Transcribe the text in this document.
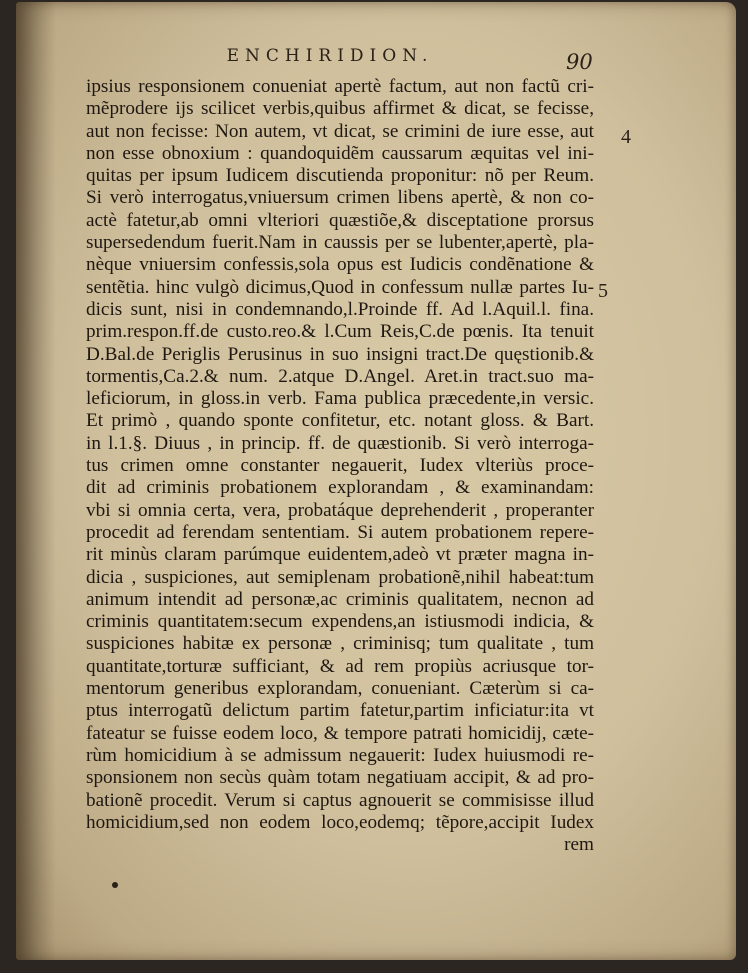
ENCHIRIDION.	90
4
5
ipsius responsionem conueniat apertè factum, aut non factũ cri-
mẽprodere ijs scilicet verbis,quibus affirmet & dicat, se fecisse,
aut non fecisse: Non autem, vt dicat, se crimini de iure esse, aut
non esse obnoxium : quandoquidẽm caussarum æquitas vel ini-
quitas per ipsum Iudicem discutienda proponitur: nõ per Reum.
Si verò interrogatus,vniuersum crimen libens apertè, & non co-
actè fatetur,ab omni vlteriori quæstiõe,& disceptatione prorsus
supersedendum fuerit.Nam in caussis per se lubenter,apertè, pla-
nèque vniuersim confessis,sola opus est Iudicis condẽnatione &
sentẽtia. hinc vulgò dicimus,Quod in confessum nullæ partes Iu-
dicis sunt, nisi in condemnando,l.Proinde ff. Ad l.Aquil.l. fina.
prim.respon.ff.de custo.reo.& l.Cum Reis,C.de pœnis. Ita tenuit
D.Bal.de Periglis Perusinus in suo insigni tract.De quęstionib.&
tormentis,Ca.2.& num. 2.atque D.Angel. Aret.in tract.suo ma-
leficiorum, in gloss.in verb. Fama publica præcedente,in versic.
Et primò , quando sponte confitetur, etc. notant gloss. & Bart.
in l.1.§. Diuus , in princip. ff. de quæstionib. Si verò interroga-
tus crimen omne constanter negauerit, Iudex vlteriùs proce-
dit ad criminis probationem explorandam , & examinandam:
vbi si omnia certa, vera, probatáque deprehenderit , properanter
procedit ad ferendam sententiam. Si autem probationem repere-
rit minùs claram parúmque euidentem,adeò vt præter magna in-
dicia , suspiciones, aut semiplenam probationẽ,nihil habeat:tum
animum intendit ad personæ,ac criminis qualitatem, necnon ad
criminis quantitatem:secum expendens,an istiusmodi indicia, &
suspiciones habitæ ex personæ , criminisq; tum qualitate , tum
quantitate,torturæ sufficiant, & ad rem propiùs acriusque tor-
mentorum generibus explorandam, conueniant. Cæterùm si ca-
ptus interrogatũ delictum partim fatetur,partim inficiatur:ita vt
fateatur se fuisse eodem loco, & tempore patrati homicidij, cæte-
rùm homicidium à se admissum negauerit: Iudex huiusmodi re-
sponsionem non secùs quàm totam negatiuam accipit, & ad pro-
bationẽ procedit. Verum si captus agnouerit se commisisse illud
homicidium,sed non eodem loco,eodemq; tẽpore,accipit Iudex
rem
